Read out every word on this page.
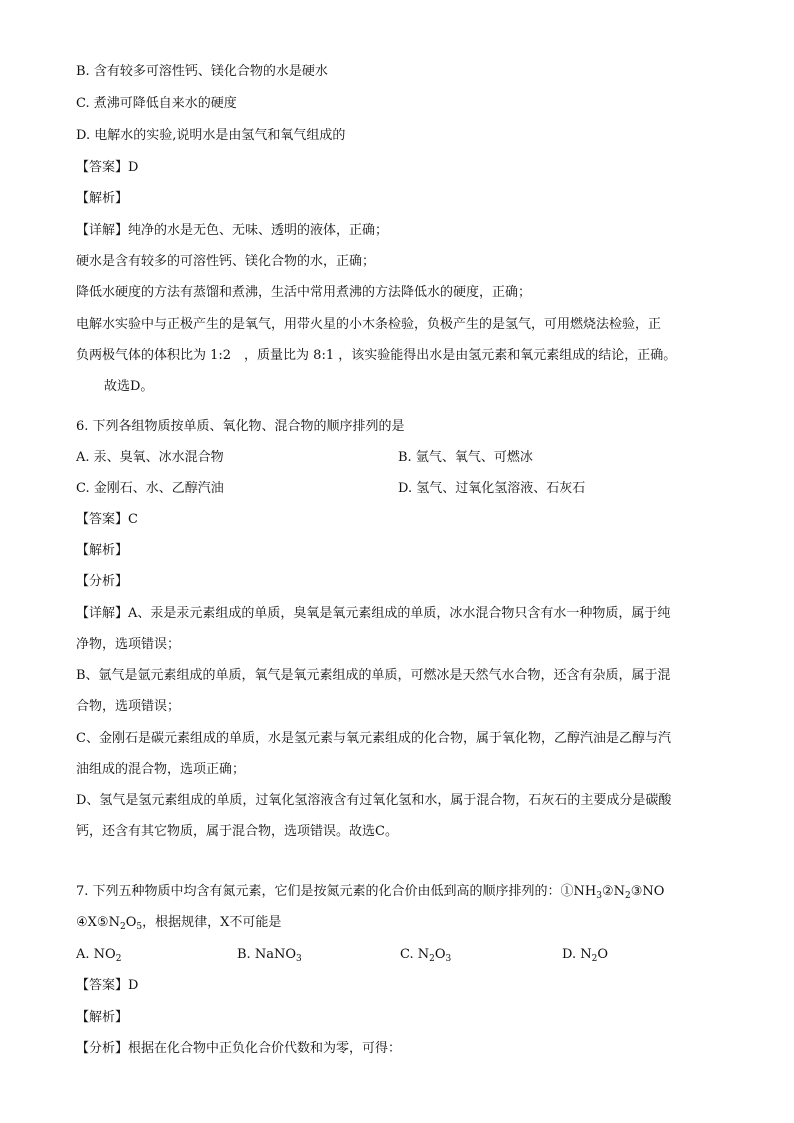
B. 含有较多可溶性钙、镁化合物的水是硬水
C. 煮沸可降低自来水的硬度
D. 电解水的实验,说明水是由氢气和氧气组成的
【答案】D
【解析】
【详解】纯净的水是无色、无味、透明的液体，正确；
硬水是含有较多的可溶性钙、镁化合物的水，正确；
降低水硬度的方法有蒸馏和煮沸，生活中常用煮沸的方法降低水的硬度，正确；
电解水实验中与正极产生的是氧气，用带火星的小木条检验，负极产生的是氢气，可用燃烧法检验，正
负两极气体的体积比为 1:2　，质量比为 8:1 ，该实验能得出水是由氢元素和氧元素组成的结论，正确。
故选D。
6. 下列各组物质按单质、氧化物、混合物的顺序排列的是
A. 汞、臭氧、冰水混合物	B. 氩气、氧气、可燃冰
C. 金刚石、水、乙醇汽油	D. 氢气、过氧化氢溶液、石灰石
【答案】C
【解析】
【分析】
【详解】A、汞是汞元素组成的单质，臭氧是氧元素组成的单质，冰水混合物只含有水一种物质，属于纯
净物，选项错误；
B、氩气是氩元素组成的单质，氧气是氧元素组成的单质，可燃冰是天然气水合物，还含有杂质，属于混
合物，选项错误；
C、金刚石是碳元素组成的单质，水是氢元素与氧元素组成的化合物，属于氧化物，乙醇汽油是乙醇与汽
油组成的混合物，选项正确；
D、氢气是氢元素组成的单质，过氧化氢溶液含有过氧化氢和水，属于混合物，石灰石的主要成分是碳酸
钙，还含有其它物质，属于混合物，选项错误。故选C。
7. 下列五种物质中均含有氮元素，它们是按氮元素的化合价由低到高的顺序排列的：$①NH_3②N_2③NO$
$④X⑤N_2O_5$，根据规律，X不可能是
A. $NO_2$	B. NaNO$_3$	C. $N_2O_3$	D. $N_2O$
【答案】D
【解析】
【分析】根据在化合物中正负化合价代数和为零，可得：
